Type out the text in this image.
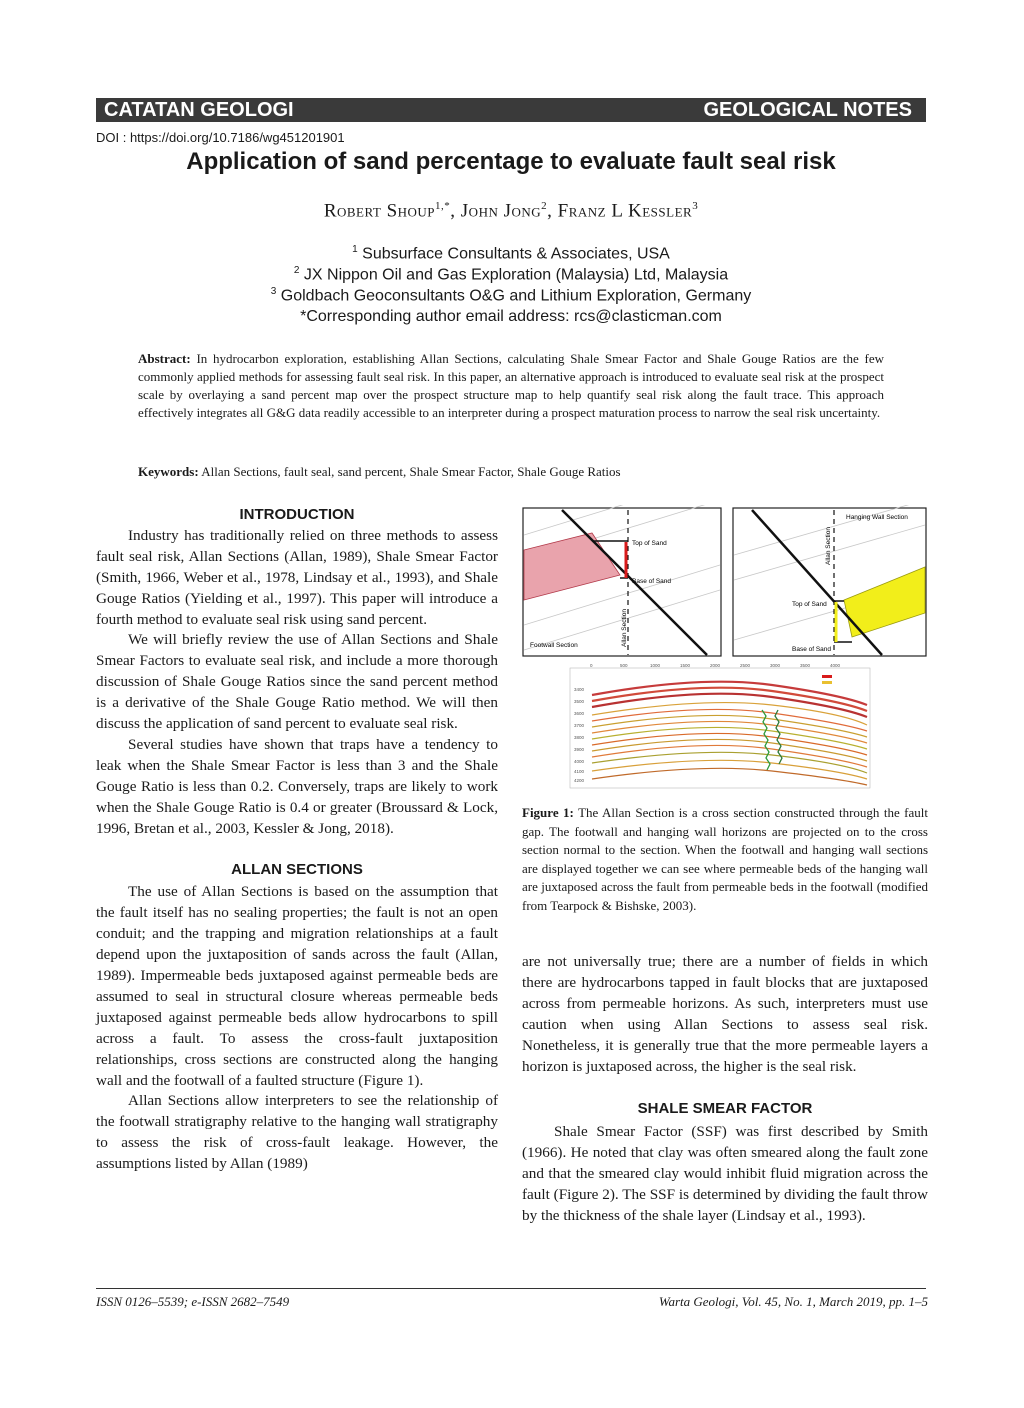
CATATAN GEOLOGI	GEOLOGICAL NOTES
DOI : https://doi.org/10.7186/wg451201901
Application of sand percentage to evaluate fault seal risk
Robert Shoup$^{1,*}$, John Jong$^2$, Franz L Kessler$^3$
$^1$ Subsurface Consultants & Associates, USA
$^2$ JX Nippon Oil and Gas Exploration (Malaysia) Ltd, Malaysia
$^3$ Goldbach Geoconsultants O&G and Lithium Exploration, Germany
*Corresponding author email address: rcs@clasticman.com
Abstract: In hydrocarbon exploration, establishing Allan Sections, calculating Shale Smear Factor and Shale Gouge Ratios are the few commonly applied methods for assessing fault seal risk. In this paper, an alternative approach is introduced to evaluate seal risk at the prospect scale by overlaying a sand percent map over the prospect structure map to help quantify seal risk along the fault trace. This approach effectively integrates all G&G data readily accessible to an interpreter during a prospect maturation process to narrow the seal risk uncertainty.
Keywords: Allan Sections, fault seal, sand percent, Shale Smear Factor, Shale Gouge Ratios
INTRODUCTION

Industry has traditionally relied on three methods to assess fault seal risk, Allan Sections (Allan, 1989), Shale Smear Factor (Smith, 1966, Weber et al., 1978, Lindsay et al., 1993), and Shale Gouge Ratios (Yielding et al., 1997). This paper will introduce a fourth method to evaluate seal risk using sand percent.

We will briefly review the use of Allan Sections and Shale Smear Factors to evaluate seal risk, and include a more thorough discussion of Shale Gouge Ratios since the sand percent method is a derivative of the Shale Gouge Ratio method. We will then discuss the application of sand percent to evaluate seal risk.

Several studies have shown that traps have a tendency to leak when the Shale Smear Factor is less than 3 and the Shale Gouge Ratio is less than 0.2. Conversely, traps are likely to work when the Shale Gouge Ratio is 0.4 or greater (Broussard & Lock, 1996, Bretan et al., 2003, Kessler & Jong, 2018).

ALLAN SECTIONS

The use of Allan Sections is based on the assumption that the fault itself has no sealing properties; the fault is not an open conduit; and the trapping and migration relationships at a fault depend upon the juxtaposition of sands across the fault (Allan, 1989). Impermeable beds juxtaposed against permeable beds are assumed to seal in structural closure whereas permeable beds juxtaposed against permeable beds allow hydrocarbons to spill across a fault. To assess the cross-fault juxtaposition relationships, cross sections are constructed along the hanging wall and the footwall of a faulted structure (Figure 1).

Allan Sections allow interpreters to see the relationship of the footwall stratigraphy relative to the hanging wall stratigraphy to assess the risk of cross-fault leakage. However, the assumptions listed by Allan (1989)

Top of Sand
Base of Sand
Allan Section
Footwall Section
Hanging Wall Section
Top of Sand
Base of Sand
Allan Section
0	500	1000	1500	2000	2500	3000	3500	4000
3400
3500
3600
3700
3800
3900
4000
4100
4200
Figure 1: The Allan Section is a cross section constructed through the fault gap. The footwall and hanging wall horizons are projected on to the cross section normal to the section. When the footwall and hanging wall sections are displayed together we can see where permeable beds of the hanging wall are juxtaposed across the fault from permeable beds in the footwall (modified from Tearpock & Bishske, 2003).

are not universally true; there are a number of fields in which there are hydrocarbons tapped in fault blocks that are juxtaposed across from permeable horizons. As such, interpreters must use caution when using Allan Sections to assess seal risk. Nonetheless, it is generally true that the more permeable layers a horizon is juxtaposed across, the higher is the seal risk.

SHALE SMEAR FACTOR

Shale Smear Factor (SSF) was first described by Smith (1966). He noted that clay was often smeared along the fault zone and that the smeared clay would inhibit fluid migration across the fault (Figure 2). The SSF is determined by dividing the fault throw by the thickness of the shale layer (Lindsay et al., 1993).

ISSN 0126–5539; e-ISSN 2682–7549	Warta Geologi, Vol. 45, No. 1, March 2019, pp. 1–5
